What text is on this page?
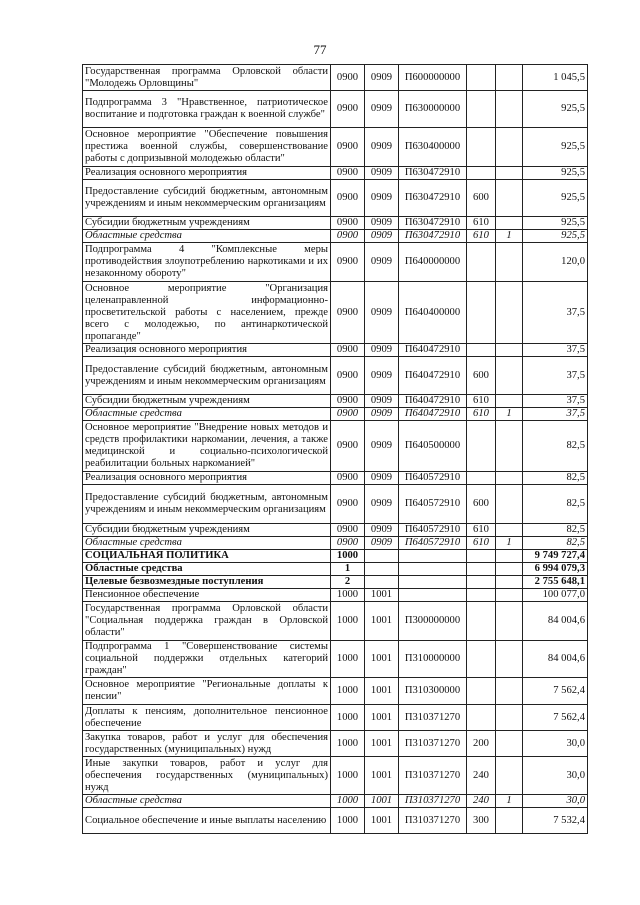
77
Государственная программа Орловской области "Молодежь Орловщины"	0900	0909	П600000000			1 045,5
Подпрограмма 3 "Нравственное, патриотическое воспитание и подготовка граждан к военной службе"	0900	0909	П630000000			925,5
Основное мероприятие "Обеспечение повышения престижа военной службы, совершенствование работы с допризывной молодежью области"	0900	0909	П630400000			925,5
Реализация основного мероприятия	0900	0909	П630472910			925,5
Предоставление субсидий бюджетным, автономным учреждениям и иным некоммерческим организациям	0900	0909	П630472910	600		925,5
Субсидии бюджетным учреждениям	0900	0909	П630472910	610		925,5
Областные средства	0900	0909	П630472910	610	1	925,5
Подпрограмма 4 "Комплексные меры противодействия злоупотреблению наркотиками и их незаконному обороту"	0900	0909	П640000000			120,0
Основное мероприятие "Организация целенаправленной информационно-просветительской работы с населением, прежде всего с молодежью, по антинаркотической пропаганде"	0900	0909	П640400000			37,5
Реализация основного мероприятия	0900	0909	П640472910			37,5
Предоставление субсидий бюджетным, автономным учреждениям и иным некоммерческим организациям	0900	0909	П640472910	600		37,5
Субсидии бюджетным учреждениям	0900	0909	П640472910	610		37,5
Областные средства	0900	0909	П640472910	610	1	37,5
Основное мероприятие "Внедрение новых методов и средств профилактики наркомании, лечения, а также медицинской и социально-психологической реабилитации больных наркоманией"	0900	0909	П640500000			82,5
Реализация основного мероприятия	0900	0909	П640572910			82,5
Предоставление субсидий бюджетным, автономным учреждениям и иным некоммерческим организациям	0900	0909	П640572910	600		82,5
Субсидии бюджетным учреждениям	0900	0909	П640572910	610		82,5
Областные средства	0900	0909	П640572910	610	1	82,5
СОЦИАЛЬНАЯ ПОЛИТИКА	1000					9 749 727,4
Областные средства	1					6 994 079,3
Целевые безвозмездные поступления	2					2 755 648,1
Пенсионное обеспечение	1000	1001				100 077,0
Государственная программа Орловской области "Социальная поддержка граждан в Орловской области"	1000	1001	П300000000			84 004,6
Подпрограмма 1 "Совершенствование системы социальной поддержки отдельных категорий граждан"	1000	1001	П310000000			84 004,6
Основное мероприятие "Региональные доплаты к пенсии"	1000	1001	П310300000			7 562,4
Доплаты к пенсиям, дополнительное пенсионное обеспечение	1000	1001	П310371270			7 562,4
Закупка товаров, работ и услуг для обеспечения государственных (муниципальных) нужд	1000	1001	П310371270	200		30,0
Иные закупки товаров, работ и услуг для обеспечения государственных (муниципальных) нужд	1000	1001	П310371270	240		30,0
Областные средства	1000	1001	П310371270	240	1	30,0
Социальное обеспечение и иные выплаты населению	1000	1001	П310371270	300		7 532,4
